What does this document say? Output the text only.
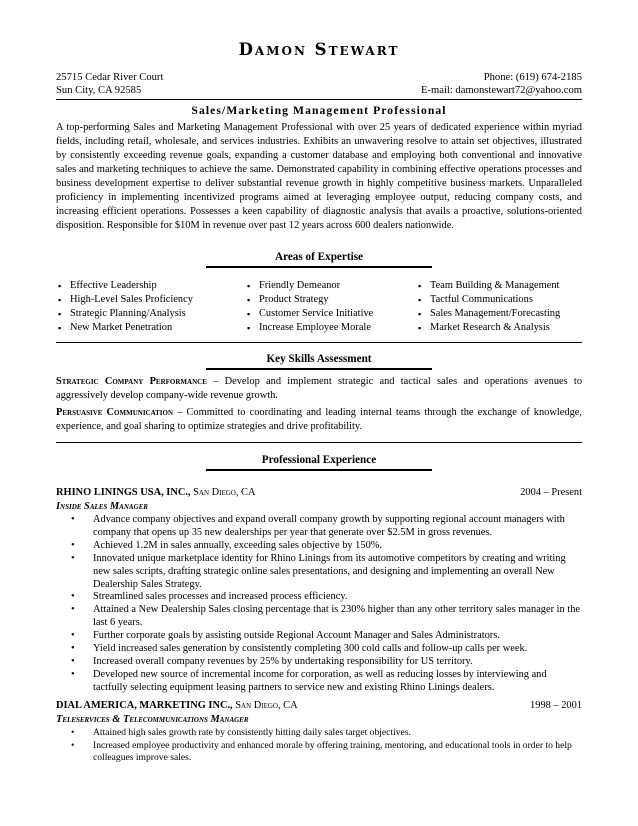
Damon Stewart
25715 Cedar River Court	Phone: (619) 674-2185
Sun City, CA 92585	E-mail: damonstewart72@yahoo.com
Sales/Marketing Management Professional
A top-performing Sales and Marketing Management Professional with over 25 years of dedicated experience within myriad fields, including retail, wholesale, and services industries. Exhibits an unwavering resolve to attain set objectives, illustrated by consistently exceeding revenue goals, expanding a customer database and employing both conventional and innovative sales and marketing techniques to achieve the same. Demonstrated capability in combining effective operations processes and business development expertise to deliver substantial revenue growth in highly competitive business markets. Unparalleled proficiency in implementing incentivized programs aimed at leveraging employee output, reducing company costs, and increasing efficient operations. Possesses a keen capability of diagnostic analysis that avails a proactive, solutions-oriented disposition. Responsible for $10M in revenue over past 12 years across 600 dealers nationwide.
Areas of Expertise
▪ Effective Leadership
▪ High-Level Sales Proficiency
▪ Strategic Planning/Analysis
▪ New Market Penetration
▪ Friendly Demeanor
▪ Product Strategy
▪ Customer Service Initiative
▪ Increase Employee Morale
▪ Team Building & Management
▪ Tactful Communications
▪ Sales Management/Forecasting
▪ Market Research & Analysis
Key Skills Assessment
Strategic Company Performance – Develop and implement strategic and tactical sales and operations avenues to aggressively develop company-wide revenue growth.
Persuasive Communication – Committed to coordinating and leading internal teams through the exchange of knowledge, experience, and goal sharing to optimize strategies and drive profitability.
Professional Experience
RHINO LININGS USA, INC., San Diego, CA	2004 – Present
Inside Sales Manager
• Advance company objectives and expand overall company growth by supporting regional account managers with company that opens up 35 new dealerships per year that generate over $2.5M in gross revenues.
• Achieved 1.2M in sales annually, exceeding sales objective by 150%.
• Innovated unique marketplace identity for Rhino Linings from its automotive competitors by creating and writing new sales scripts, drafting strategic online sales presentations, and designing and implementing an overall New Dealership Sales Strategy.
• Streamlined sales processes and increased process efficiency.
• Attained a New Dealership Sales closing percentage that is 230% higher than any other territory sales manager in the last 6 years.
• Further corporate goals by assisting outside Regional Account Manager and Sales Administrators.
• Yield increased sales generation by consistently completing 300 cold calls and follow-up calls per week.
• Increased overall company revenues by 25% by undertaking responsibility for US territory.
• Developed new source of incremental income for corporation, as well as reducing losses by interviewing and tactfully selecting equipment leasing partners to service new and existing Rhino Linings dealers.
DIAL AMERICA, MARKETING INC., San Diego, CA	1998 – 2001
Teleservices & Telecommunications Manager
• Attained high sales growth rate by consistently hitting daily sales target objectives.
• Increased employee productivity and enhanced morale by offering training, mentoring, and educational tools in order to help colleagues improve sales.
